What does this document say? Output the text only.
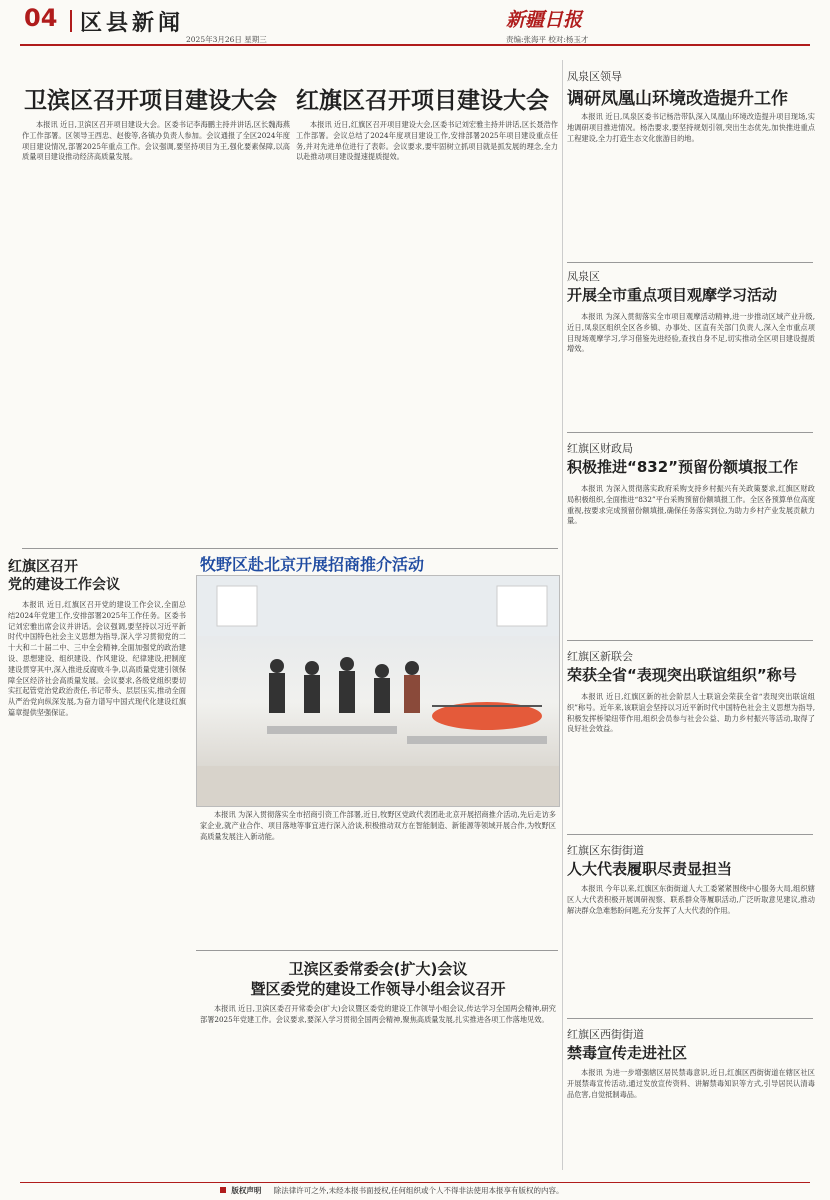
04 区县新闻	新疆日报
2025年3月26日 星期三	责编:张海平 校对:杨玉才
卫滨区召开项目建设大会 红旗区召开项目建设大会

本报讯 近日,卫滨区召开项目建设大会。区委书记李海鹏主持并讲话,区长魏海燕作工作部署。区领导王西忠、赵俊等,各镇办负责人参加。会议通报了全区2024年度项目建设情况,部署2025年重点工作。会议强调,要坚持项目为王,强化要素保障,以高质量项目建设推动经济高质量发展。

本报讯 近日,红旗区召开项目建设大会,区委书记刘宏雅主持并讲话,区长聂浩作工作部署。会议总结了2024年度项目建设工作,安排部署2025年项目建设重点任务,并对先进单位进行了表彰。会议要求,要牢固树立抓项目就是抓发展的理念,全力以赴推动项目建设提速提质提效。

凤泉区领导
调研凤凰山环境改造提升工作

本报讯 近日,凤泉区委书记杨浩带队深入凤凰山环境改造提升项目现场,实地调研项目推进情况。杨浩要求,要坚持规划引领,突出生态优先,加快推进重点工程建设,全力打造生态文化旅游目的地。

凤泉区
开展全市重点项目观摩学习活动

本报讯 为深入贯彻落实全市项目观摩活动精神,进一步推动区域产业升级,近日,凤泉区组织全区各乡镇、办事处、区直有关部门负责人,深入全市重点项目现场观摩学习,学习借鉴先进经验,查找自身不足,切实推动全区项目建设提质增效。

红旗区财政局
积极推进“832”预留份额填报工作

本报讯 为深入贯彻落实政府采购支持乡村振兴有关政策要求,红旗区财政局积极组织,全面推进“832”平台采购预留份额填报工作。全区各预算单位高度重视,按要求完成预留份额填报,确保任务落实到位,为助力乡村产业发展贡献力量。

红旗区召开
党的建设工作会议

本报讯 近日,红旗区召开党的建设工作会议,全面总结2024年党建工作,安排部署2025年工作任务。区委书记刘宏雅出席会议并讲话。会议强调,要坚持以习近平新时代中国特色社会主义思想为指导,深入学习贯彻党的二十大和二十届二中、三中全会精神,全面加强党的政治建设、思想建设、组织建设、作风建设、纪律建设,把制度建设贯穿其中,深入推进反腐败斗争,以高质量党建引领保障全区经济社会高质量发展。会议要求,各级党组织要切实扛起管党治党政治责任,书记带头、层层压实,推动全面从严治党向纵深发展,为奋力谱写中国式现代化建设红旗篇章提供坚强保证。

牧野区赴北京开展招商推介活动

本报讯 为深入贯彻落实全市招商引资工作部署,近日,牧野区党政代表团赴北京开展招商推介活动,先后走访多家企业,就产业合作、项目落地等事宜进行深入洽谈,积极推动双方在智能制造、新能源等领域开展合作,为牧野区高质量发展注入新动能。

卫滨区委常委会(扩大)会议
暨区委党的建设工作领导小组会议召开

本报讯 近日,卫滨区委召开常委会(扩大)会议暨区委党的建设工作领导小组会议,传达学习全国两会精神,研究部署2025年党建工作。会议要求,要深入学习贯彻全国两会精神,聚焦高质量发展,扎实推进各项工作落地见效。

红旗区新联会
荣获全省“表现突出联谊组织”称号

本报讯 近日,红旗区新的社会阶层人士联谊会荣获全省“表现突出联谊组织”称号。近年来,该联谊会坚持以习近平新时代中国特色社会主义思想为指导,积极发挥桥梁纽带作用,组织会员参与社会公益、助力乡村振兴等活动,取得了良好社会效益。

红旗区东街街道
人大代表履职尽责显担当

本报讯 今年以来,红旗区东街街道人大工委紧紧围绕中心服务大局,组织辖区人大代表积极开展调研视察、联系群众等履职活动,广泛听取意见建议,推动解决群众急难愁盼问题,充分发挥了人大代表的作用。

红旗区西街街道
禁毒宣传走进社区

本报讯 为进一步增强辖区居民禁毒意识,近日,红旗区西街街道在辖区社区开展禁毒宣传活动,通过发放宣传资料、讲解禁毒知识等方式,引导居民认清毒品危害,自觉抵制毒品。

版权声明 除法律许可之外,未经本报书面授权,任何组织或个人不得非法使用本报享有版权的内容。
